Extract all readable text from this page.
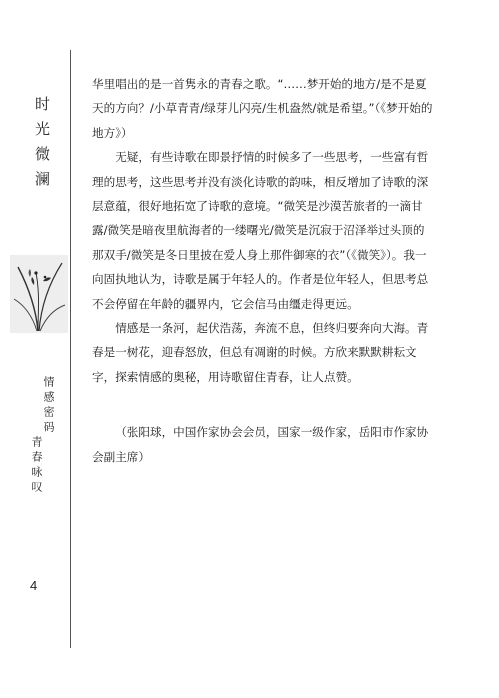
时光微澜
情感密码
青春咏叹
4

华里唱出的是一首隽永的青春之歌。“……梦开始的地方/是不是夏天的方向？/小草青青/绿芽儿闪亮/生机盎然/就是希望。”（《梦开始的地方》）

无疑，有些诗歌在即景抒情的时候多了一些思考，一些富有哲理的思考，这些思考并没有淡化诗歌的韵味，相反增加了诗歌的深层意蕴，很好地拓宽了诗歌的意境。“微笑是沙漠苦旅者的一滴甘露/微笑是暗夜里航海者的一缕曙光/微笑是沉寂于沼泽举过头顶的那双手/微笑是冬日里披在爱人身上那件御寒的衣”（《微笑》）。我一向固执地认为，诗歌是属于年轻人的。作者是位年轻人，但思考总不会停留在年龄的疆界内，它会信马由缰走得更远。

情感是一条河，起伏浩荡，奔流不息，但终归要奔向大海。青春是一树花，迎春怒放，但总有凋谢的时候。方欣来默默耕耘文字，探索情感的奥秘，用诗歌留住青春，让人点赞。

（张阳球，中国作家协会会员，国家一级作家，岳阳市作家协会副主席）
